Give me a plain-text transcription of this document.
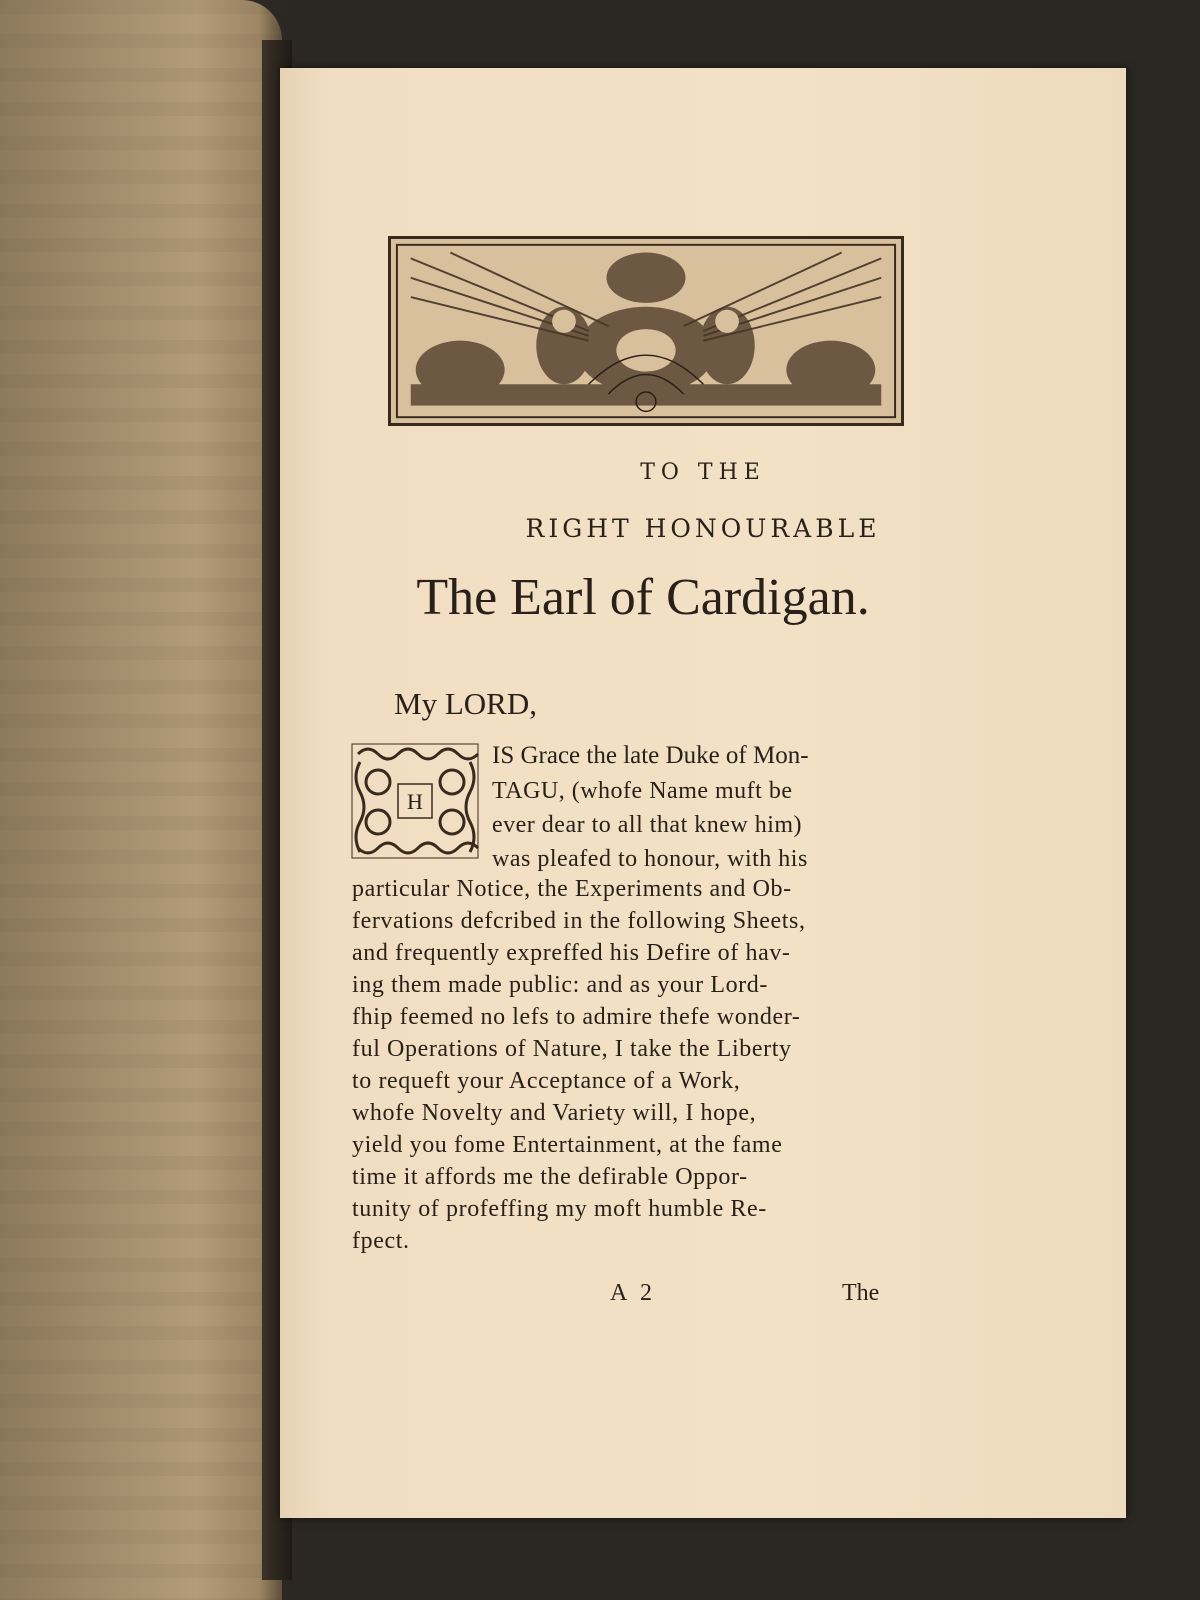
TO THE
RIGHT HONOURABLE
The Earl of Cardigan.
My LORD,
H
IS Grace the late Duke of Mon-
TAGU, (whofe Name muft be
ever dear to all that knew him)
was pleafed to honour, with his
particular Notice, the Experiments and Ob-
fervations defcribed in the following Sheets,
and frequently expreffed his Defire of hav-
ing them made public: and as your Lord-
fhip feemed no lefs to admire thefe wonder-
ful Operations of Nature, I take the Liberty
to requeft your Acceptance of a Work,
whofe Novelty and Variety will, I hope,
yield you fome Entertainment, at the fame
time it affords me the defirable Oppor-
tunity of profeffing my moft humble Re-
fpect.
A 2	The
